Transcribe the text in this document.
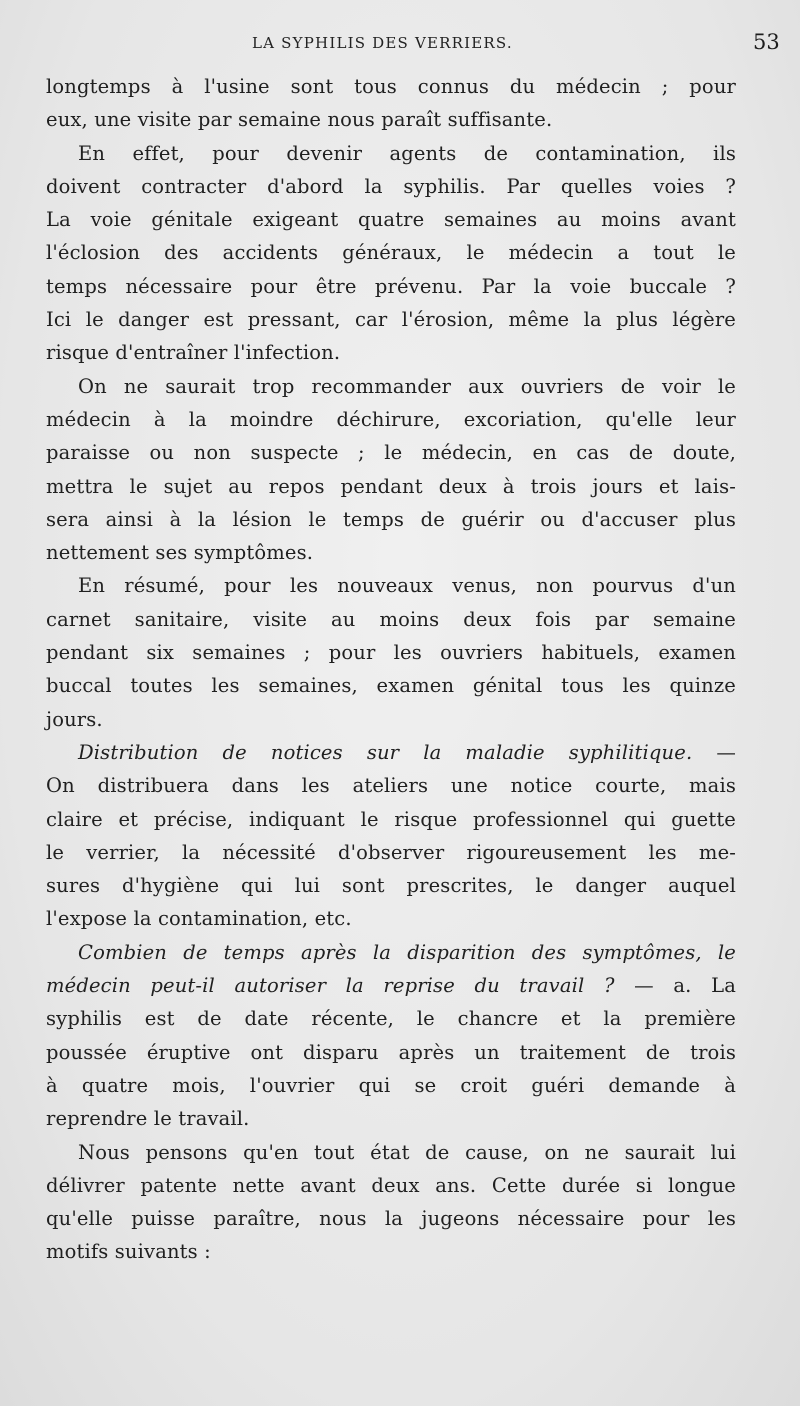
LA SYPHILIS DES VERRIERS.	53
longtemps à l'usine sont tous connus du médecin ; pour
eux, une visite par semaine nous paraît suffisante.
En effet, pour devenir agents de contamination, ils
doivent contracter d'abord la syphilis. Par quelles voies ?
La voie génitale exigeant quatre semaines au moins avant
l'éclosion des accidents généraux, le médecin a tout le
temps nécessaire pour être prévenu. Par la voie buccale ?
Ici le danger est pressant, car l'érosion, même la plus légère
risque d'entraîner l'infection.
On ne saurait trop recommander aux ouvriers de voir le
médecin à la moindre déchirure, excoriation, qu'elle leur
paraisse ou non suspecte ; le médecin, en cas de doute,
mettra le sujet au repos pendant deux à trois jours et lais-
sera ainsi à la lésion le temps de guérir ou d'accuser plus
nettement ses symptômes.
En résumé, pour les nouveaux venus, non pourvus d'un
carnet sanitaire, visite au moins deux fois par semaine
pendant six semaines ; pour les ouvriers habituels, examen
buccal toutes les semaines, examen génital tous les quinze
jours.
Distribution de notices sur la maladie syphilitique. —
On distribuera dans les ateliers une notice courte, mais
claire et précise, indiquant le risque professionnel qui guette
le verrier, la nécessité d'observer rigoureusement les me-
sures d'hygiène qui lui sont prescrites, le danger auquel
l'expose la contamination, etc.
Combien de temps après la disparition des symptômes, le
médecin peut-il autoriser la reprise du travail ? — a. La
syphilis est de date récente, le chancre et la première
poussée éruptive ont disparu après un traitement de trois
à quatre mois, l'ouvrier qui se croit guéri demande à
reprendre le travail.
Nous pensons qu'en tout état de cause, on ne saurait lui
délivrer patente nette avant deux ans. Cette durée si longue
qu'elle puisse paraître, nous la jugeons nécessaire pour les
motifs suivants :
